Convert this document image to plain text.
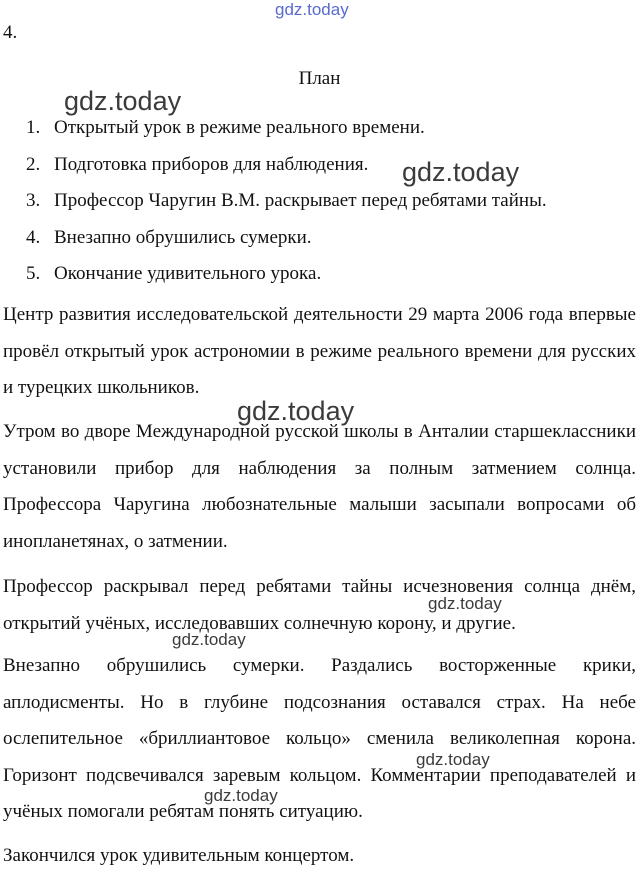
gdz.today
4.
План
1. Открытый урок в режиме реального времени.
2. Подготовка приборов для наблюдения.
3. Профессор Чаругин В.М. раскрывает перед ребятами тайны.
4. Внезапно обрушились сумерки.
5. Окончание удивительного урока.

Центр развития исследовательской деятельности 29 марта 2006 года впервые провёл открытый урок астрономии в режиме реального времени для русских и турецких школьников.

Утром во дворе Международной русской школы в Анталии старшеклассники установили прибор для наблюдения за полным затмением солнца. Профессора Чаругина любознательные малыши засыпали вопросами об инопланетянах, о затмении.

Профессор раскрывал перед ребятами тайны исчезновения солнца днём, открытий учёных, исследовавших солнечную корону, и другие.

Внезапно обрушились сумерки. Раздались восторженные крики, аплодисменты. Но в глубине подсознания оставался страх. На небе ослепительное «бриллиантовое кольцо» сменила великолепная корона. Горизонт подсвечивался заревым кольцом. Комментарии преподавателей и учёных помогали ребятам понять ситуацию.

Закончился урок удивительным концертом.

gdz.today
gdz.today
gdz.today
gdz.today
gdz.today
gdz.today
gdz.today
